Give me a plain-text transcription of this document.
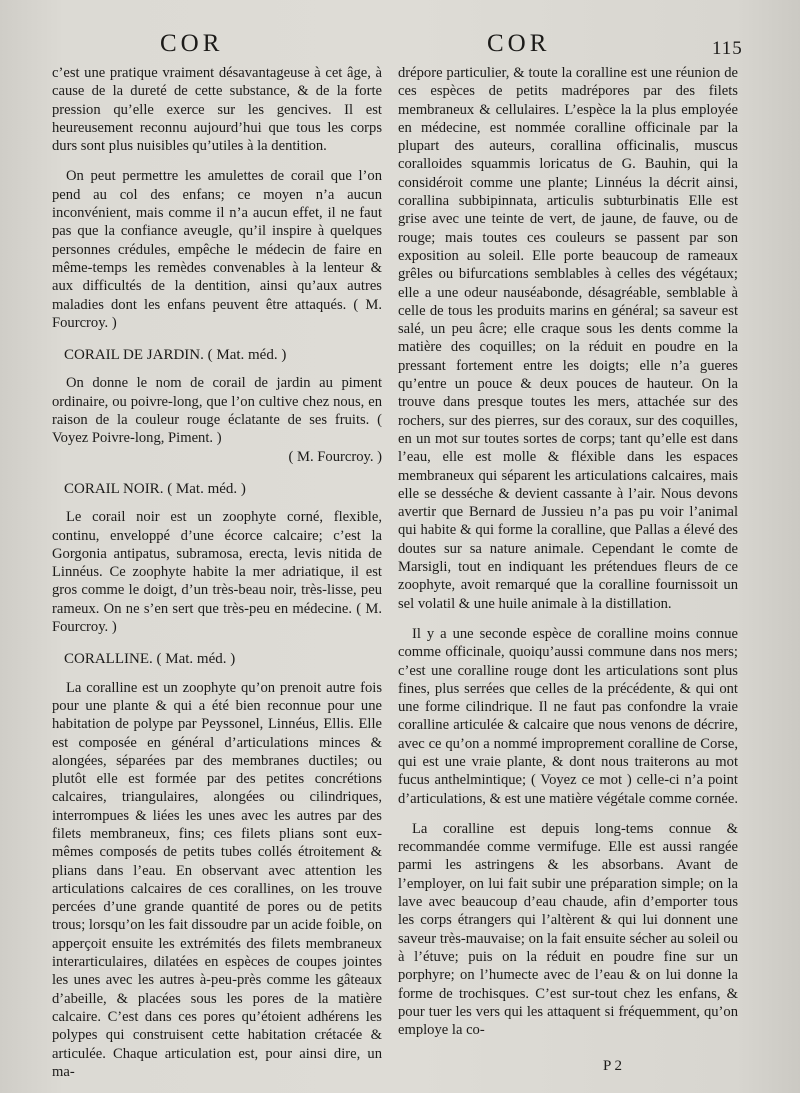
COR	COR	115

c’est une pratique vraiment désavantageuse à cet âge, à cause de la dureté de cette substance, & de la forte pression qu’elle exerce sur les gencives. Il est heureusement reconnu aujourd’hui que tous les corps durs sont plus nuisibles qu’utiles à la dentition.

On peut permettre les amulettes de corail que l’on pend au col des enfans; ce moyen n’a aucun inconvénient, mais comme il n’a aucun effet, il ne faut pas que la confiance aveugle, qu’il inspire à quelques personnes crédules, empêche le médecin de faire en même-temps les remèdes convenables à la lenteur & aux difficultés de la dentition, ainsi qu’aux autres maladies dont les enfans peuvent être attaqués. ( M. Fourcroy. )

CORAIL DE JARDIN. ( Mat. méd. )

On donne le nom de corail de jardin au piment ordinaire, ou poivre-long, que l’on cultive chez nous, en raison de la couleur rouge éclatante de ses fruits. ( Voyez Poivre-long, Piment. )

( M. Fourcroy. )

CORAIL NOIR. ( Mat. méd. )

Le corail noir est un zoophyte corné, flexible, continu, enveloppé d’une écorce calcaire; c’est la Gorgonia antipatus, subramosa, erecta, levis nitida de Linnéus. Ce zoophyte habite la mer adriatique, il est gros comme le doigt, d’un très-beau noir, très-lisse, peu rameux. On ne s’en sert que très-peu en médecine. ( M. Fourcroy. )

CORALLINE. ( Mat. méd. )

La coralline est un zoophyte qu’on prenoit autre fois pour une plante & qui a été bien reconnue pour une habitation de polype par Peyssonel, Linnéus, Ellis. Elle est composée en général d’articulations minces & alongées, séparées par des membranes ductiles; ou plutôt elle est formée par des petites concrétions calcaires, triangulaires, alongées ou cilindriques, interrompues & liées les unes avec les autres par des filets membraneux, fins; ces filets plians sont eux-mêmes composés de petits tubes collés étroitement & plians dans l’eau. En observant avec attention les articulations calcaires de ces corallines, on les trouve percées d’une grande quantité de pores ou de petits trous; lorsqu’on les fait dissoudre par un acide foible, on apperçoit ensuite les extrémités des filets membraneux interarticulaires, dilatées en espèces de coupes jointes les unes avec les autres à-peu-près comme les gâteaux d’abeille, & placées sous les pores de la matière calcaire. C’est dans ces pores qu’étoient adhérens les polypes qui construisent cette habitation crétacée & articulée. Chaque articulation est, pour ainsi dire, un ma-

drépore particulier, & toute la coralline est une réunion de ces espèces de petits madrépores par des filets membraneux & cellulaires. L’espèce la la plus employée en médecine, est nommée coralline officinale par la plupart des auteurs, corallina officinalis, muscus coralloides squammis loricatus de G. Bauhin, qui la considéroit comme une plante; Linnéus la décrit ainsi, corallina subbipinnata, articulis subturbinatis Elle est grise avec une teinte de vert, de jaune, de fauve, ou de rouge; mais toutes ces couleurs se passent par son exposition au soleil. Elle porte beaucoup de rameaux grêles ou bifurcations semblables à celles des végétaux; elle a une odeur nauséabonde, désagréable, semblable à celle de tous les produits marins en général; sa saveur est salé, un peu âcre; elle craque sous les dents comme la matière des coquilles; on la réduit en poudre en la pressant fortement entre les doigts; elle n’a gueres qu’entre un pouce & deux pouces de hauteur. On la trouve dans presque toutes les mers, attachée sur des rochers, sur des pierres, sur des coraux, sur des coquilles, en un mot sur toutes sortes de corps; tant qu’elle est dans l’eau, elle est molle & fléxible dans les espaces membraneux qui séparent les articulations calcaires, mais elle se desséche & devient cassante à l’air. Nous devons avertir que Bernard de Jussieu n’a pas pu voir l’animal qui habite & qui forme la coralline, que Pallas a élevé des doutes sur sa nature animale. Cependant le comte de Marsigli, tout en indiquant les prétendues fleurs de ce zoophyte, avoit remarqué que la coralline fournissoit un sel volatil & une huile animale à la distillation.

Il y a une seconde espèce de coralline moins connue comme officinale, quoiqu’aussi commune dans nos mers; c’est une coralline rouge dont les articulations sont plus fines, plus serrées que celles de la précédente, & qui ont une forme cilindrique. Il ne faut pas confondre la vraie coralline articulée & calcaire que nous venons de décrire, avec ce qu’on a nommé improprement coralline de Corse, qui est une vraie plante, & dont nous traiterons au mot fucus anthelmintique; ( Voyez ce mot ) celle-ci n’a point d’articulations, & est une matière végétale comme cornée.

La coralline est depuis long-tems connue & recommandée comme vermifuge. Elle est aussi rangée parmi les astringens & les absorbans. Avant de l’employer, on lui fait subir une préparation simple; on la lave avec beaucoup d’eau chaude, afin d’emporter tous les corps étrangers qui l’altèrent & qui lui donnent une saveur très-mauvaise; on la fait ensuite sécher au soleil ou à l’étuve; puis on la réduit en poudre fine sur un porphyre; on l’humecte avec de l’eau & on lui donne la forme de trochisques. C’est sur-tout chez les enfans, & pour tuer les vers qui les attaquent si fréquemment, qu’on employe la co-

P 2
